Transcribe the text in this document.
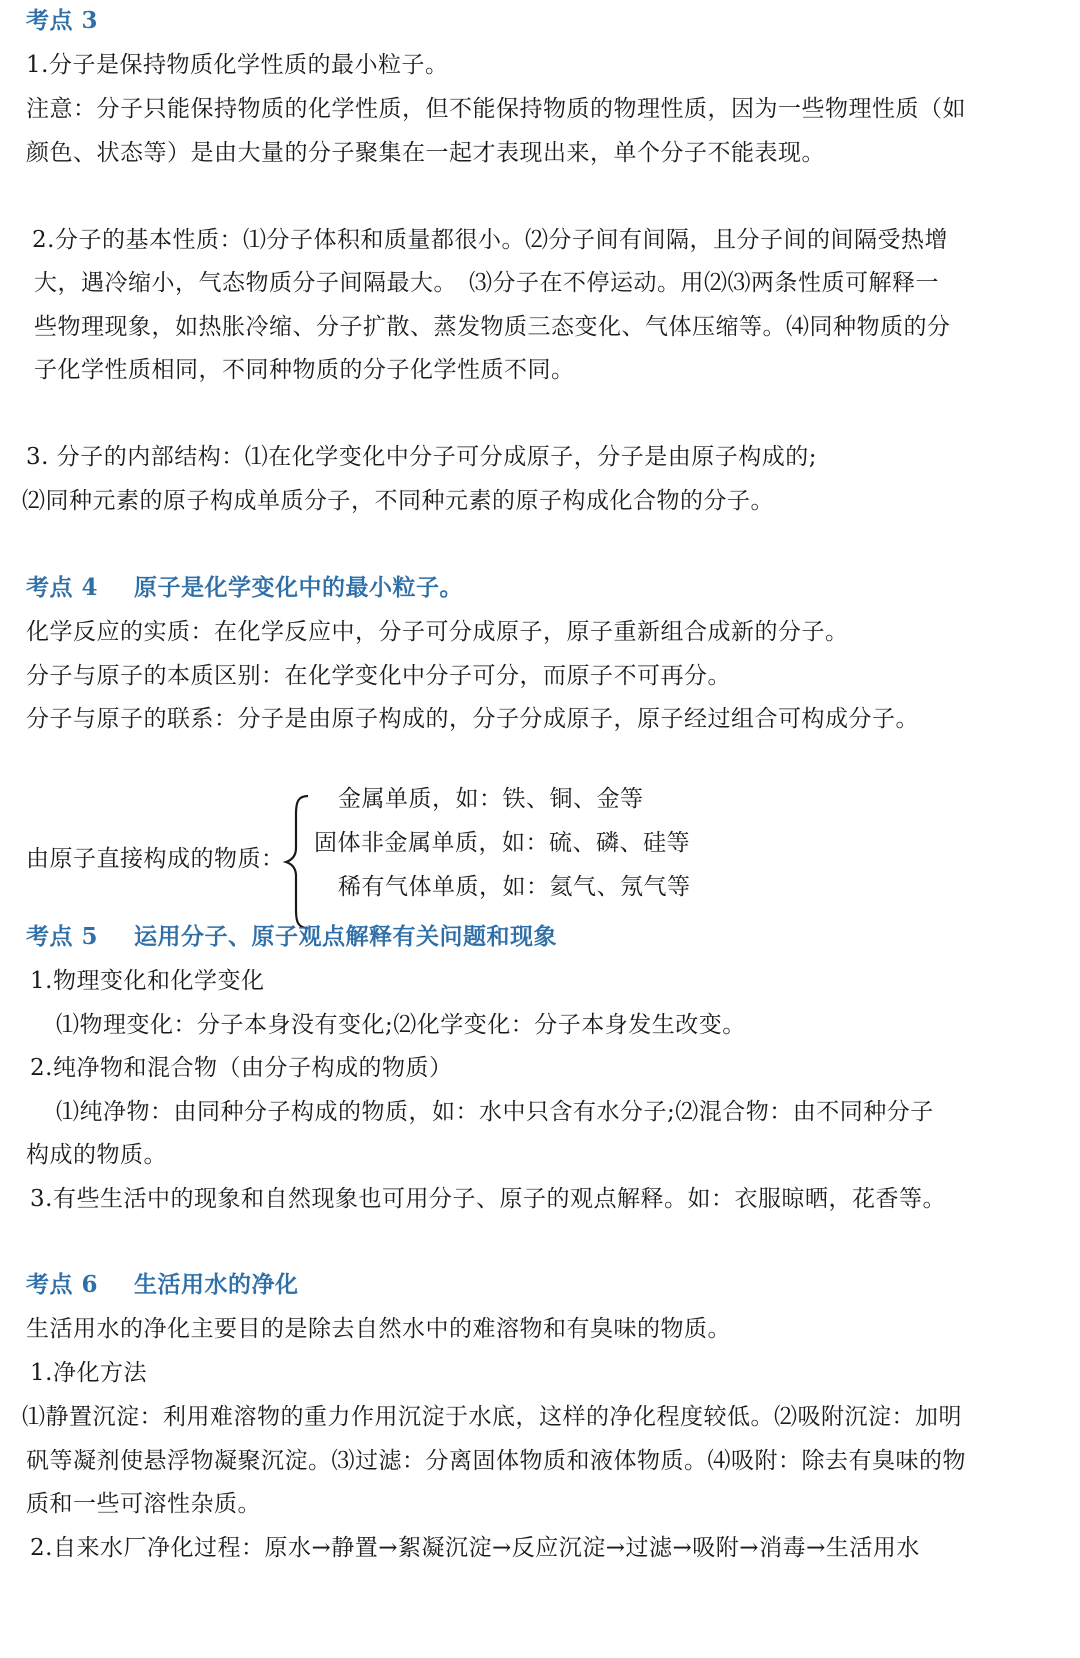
考点 3
1.分子是保持物质化学性质的最小粒子。
注意：分子只能保持物质的化学性质，但不能保持物质的物理性质，因为一些物理性质（如
颜色、状态等）是由大量的分子聚集在一起才表现出来，单个分子不能表现。
2.分子的基本性质：⑴分子体积和质量都很小。⑵分子间有间隔，且分子间的间隔受热增
大，遇冷缩小，气态物质分子间隔最大。　⑶分子在不停运动。用⑵⑶两条性质可解释一
些物理现象，如热胀冷缩、分子扩散、蒸发物质三态变化、气体压缩等。⑷同种物质的分
子化学性质相同，不同种物质的分子化学性质不同。
3. 分子的内部结构：⑴在化学变化中分子可分成原子，分子是由原子构成的;
⑵同种元素的原子构成单质分子，不同种元素的原子构成化合物的分子。
考点 4 原子是化学变化中的最小粒子。
化学反应的实质：在化学反应中，分子可分成原子，原子重新组合成新的分子。
分子与原子的本质区别：在化学变化中分子可分，而原子不可再分。
分子与原子的联系：分子是由原子构成的，分子分成原子，原子经过组合可构成分子。
由原子直接构成的物质：
金属单质，如：铁、铜、金等
固体非金属单质，如：硫、磷、硅等
稀有气体单质，如：氦气、氖气等
考点 5 运用分子、原子观点解释有关问题和现象
1.物理变化和化学变化
⑴物理变化：分子本身没有变化;⑵化学变化：分子本身发生改变。
2.纯净物和混合物（由分子构成的物质）
⑴纯净物：由同种分子构成的物质，如：水中只含有水分子;⑵混合物：由不同种分子
构成的物质。
3.有些生活中的现象和自然现象也可用分子、原子的观点解释。如：衣服晾晒，花香等。
考点 6 生活用水的净化
生活用水的净化主要目的是除去自然水中的难溶物和有臭味的物质。
1.净化方法
⑴静置沉淀：利用难溶物的重力作用沉淀于水底，这样的净化程度较低。⑵吸附沉淀：加明
矾等凝剂使悬浮物凝聚沉淀。⑶过滤：分离固体物质和液体物质。⑷吸附：除去有臭味的物
质和一些可溶性杂质。
2.自来水厂净化过程：原水→静置→絮凝沉淀→反应沉淀→过滤→吸附→消毒→生活用水
